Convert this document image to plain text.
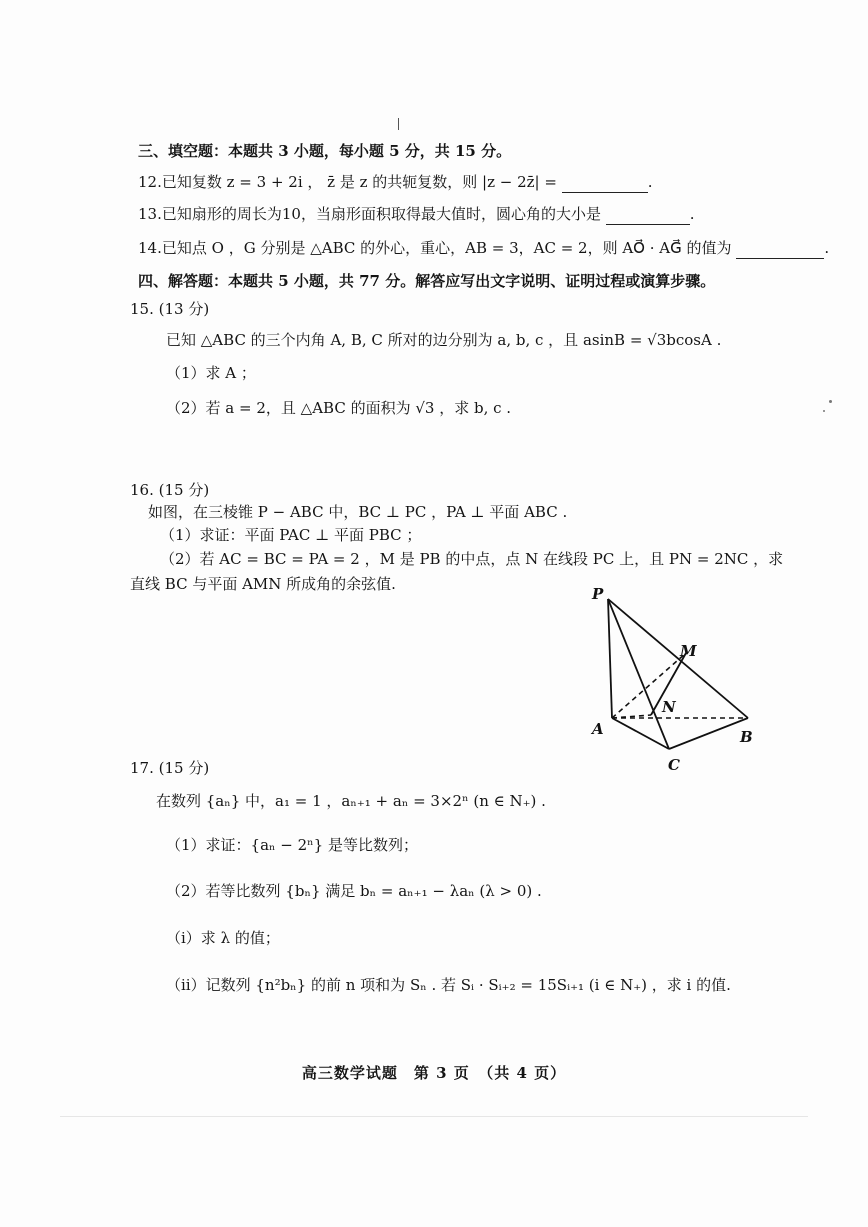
三、填空题：本题共 3 小题，每小题 5 分，共 15 分。
12.已知复数 z = 3 + 2i ， z̄ 是 z 的共轭复数，则 |z − 2z̄| =	.
13.已知扇形的周长为10，当扇形面积取得最大值时，圆心角的大小是	.
14.已知点 O ，G 分别是 △ABC 的外心，重心，AB = 3，AC = 2，则 AO⃗ · AG⃗ 的值为	.
四、解答题：本题共 5 小题，共 77 分。解答应写出文字说明、证明过程或演算步骤。
15. (13 分)
已知 △ABC 的三个内角 A, B, C 所对的边分别为 a, b, c ，且 asinB = √3bcosA .
（1）求 A ；
（2）若 a = 2，且 △ABC 的面积为 √3 ，求 b, c .
16. (15 分)
如图，在三棱锥 P − ABC 中，BC ⊥ PC ，PA ⊥ 平面 ABC .
（1）求证：平面 PAC ⊥ 平面 PBC ；
（2）若 AC = BC = PA = 2 ，M 是 PB 的中点，点 N 在线段 PC 上，且 PN = 2NC ，求
直线 BC 与平面 AMN 所成角的余弦值.
P
M
N
A	B
C
17. (15 分)
在数列 {aₙ} 中，a₁ = 1 ，aₙ₊₁ + aₙ = 3×2ⁿ (n ∈ N₊) .
（1）求证：{aₙ − 2ⁿ} 是等比数列；
（2）若等比数列 {bₙ} 满足 bₙ = aₙ₊₁ − λaₙ (λ > 0) .
（ⅰ）求 λ 的值；
（ⅱ）记数列 {n²bₙ} 的前 n 项和为 Sₙ . 若 Sᵢ · Sᵢ₊₂ = 15Sᵢ₊₁ (i ∈ N₊) ，求 i 的值.
高三数学试题　第 3 页　（共 4 页）
